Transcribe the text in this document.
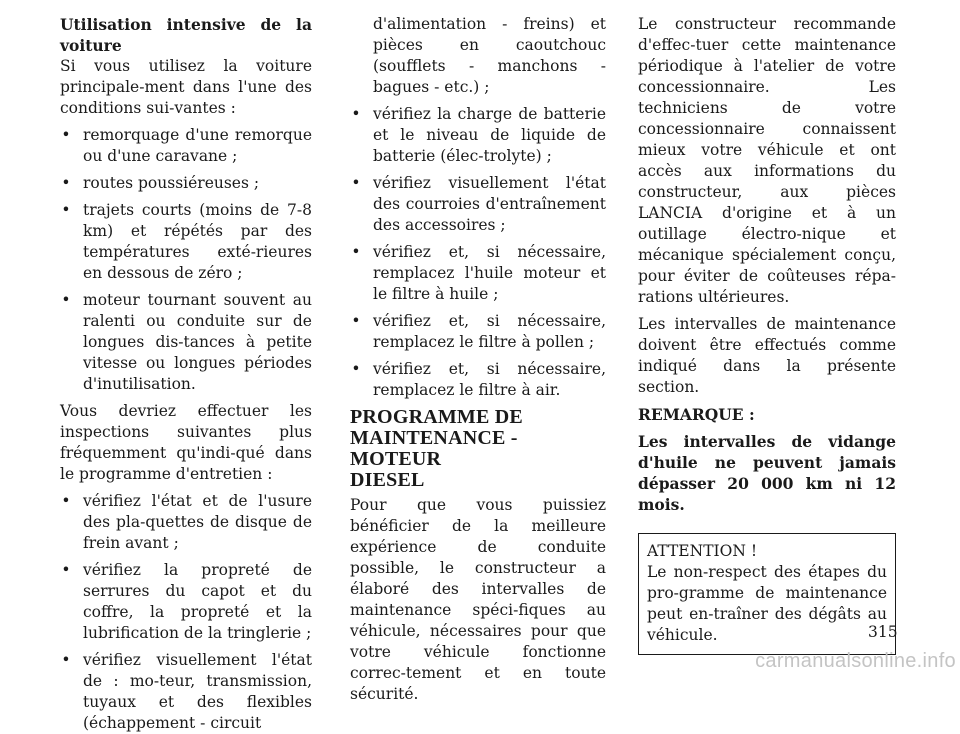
Utilisation intensive de la voiture

Si vous utilisez la voiture principale-ment dans l'une des conditions sui-vantes :

• remorquage d'une remorque ou d'une caravane ;
• routes poussiéreuses ;
• trajets courts (moins de 7-8 km) et répétés par des températures exté-rieures en dessous de zéro ;
• moteur tournant souvent au ralenti ou conduite sur de longues dis-tances à petite vitesse ou longues périodes d'inutilisation.

Vous devriez effectuer les inspections suivantes plus fréquemment qu'indi-qué dans le programme d'entretien :

• vérifiez l'état et de l'usure des pla-quettes de disque de frein avant ;
• vérifiez la propreté de serrures du capot et du coffre, la propreté et la lubrification de la tringlerie ;
• vérifiez visuellement l'état de : mo-teur, transmission, tuyaux et des flexibles (échappement - circuit

d'alimentation - freins) et pièces en caoutchouc (soufflets - manchons - bagues - etc.) ;

• vérifiez la charge de batterie et le niveau de liquide de batterie (élec-trolyte) ;
• vérifiez visuellement l'état des courroies d'entraînement des accessoires ;
• vérifiez et, si nécessaire, remplacez l'huile moteur et le filtre à huile ;
• vérifiez et, si nécessaire, remplacez le filtre à pollen ;
• vérifiez et, si nécessaire, remplacez le filtre à air.
PROGRAMME DE
MAINTENANCE - MOTEUR
DIESEL

Pour que vous puissiez bénéficier de la meilleure expérience de conduite possible, le constructeur a élaboré des intervalles de maintenance spéci-fiques au véhicule, nécessaires pour que votre véhicule fonctionne correc-tement et en toute sécurité.

Le constructeur recommande d'effec-tuer cette maintenance périodique à l'atelier de votre concessionnaire. Les techniciens de votre concessionnaire connaissent mieux votre véhicule et ont accès aux informations du constructeur, aux pièces LANCIA d'origine et à un outillage électro-nique et mécanique spécialement conçu, pour éviter de coûteuses répa-rations ultérieures.

Les intervalles de maintenance doivent être effectués comme indiqué dans la présente section.

REMARQUE :

Les intervalles de vidange d'huile ne peuvent jamais dépasser 20 000 km ni 12 mois.

ATTENTION !

Le non-respect des étapes du pro-gramme de maintenance peut en-traîner des dégâts au véhicule.	315
carmanualsonline.info
